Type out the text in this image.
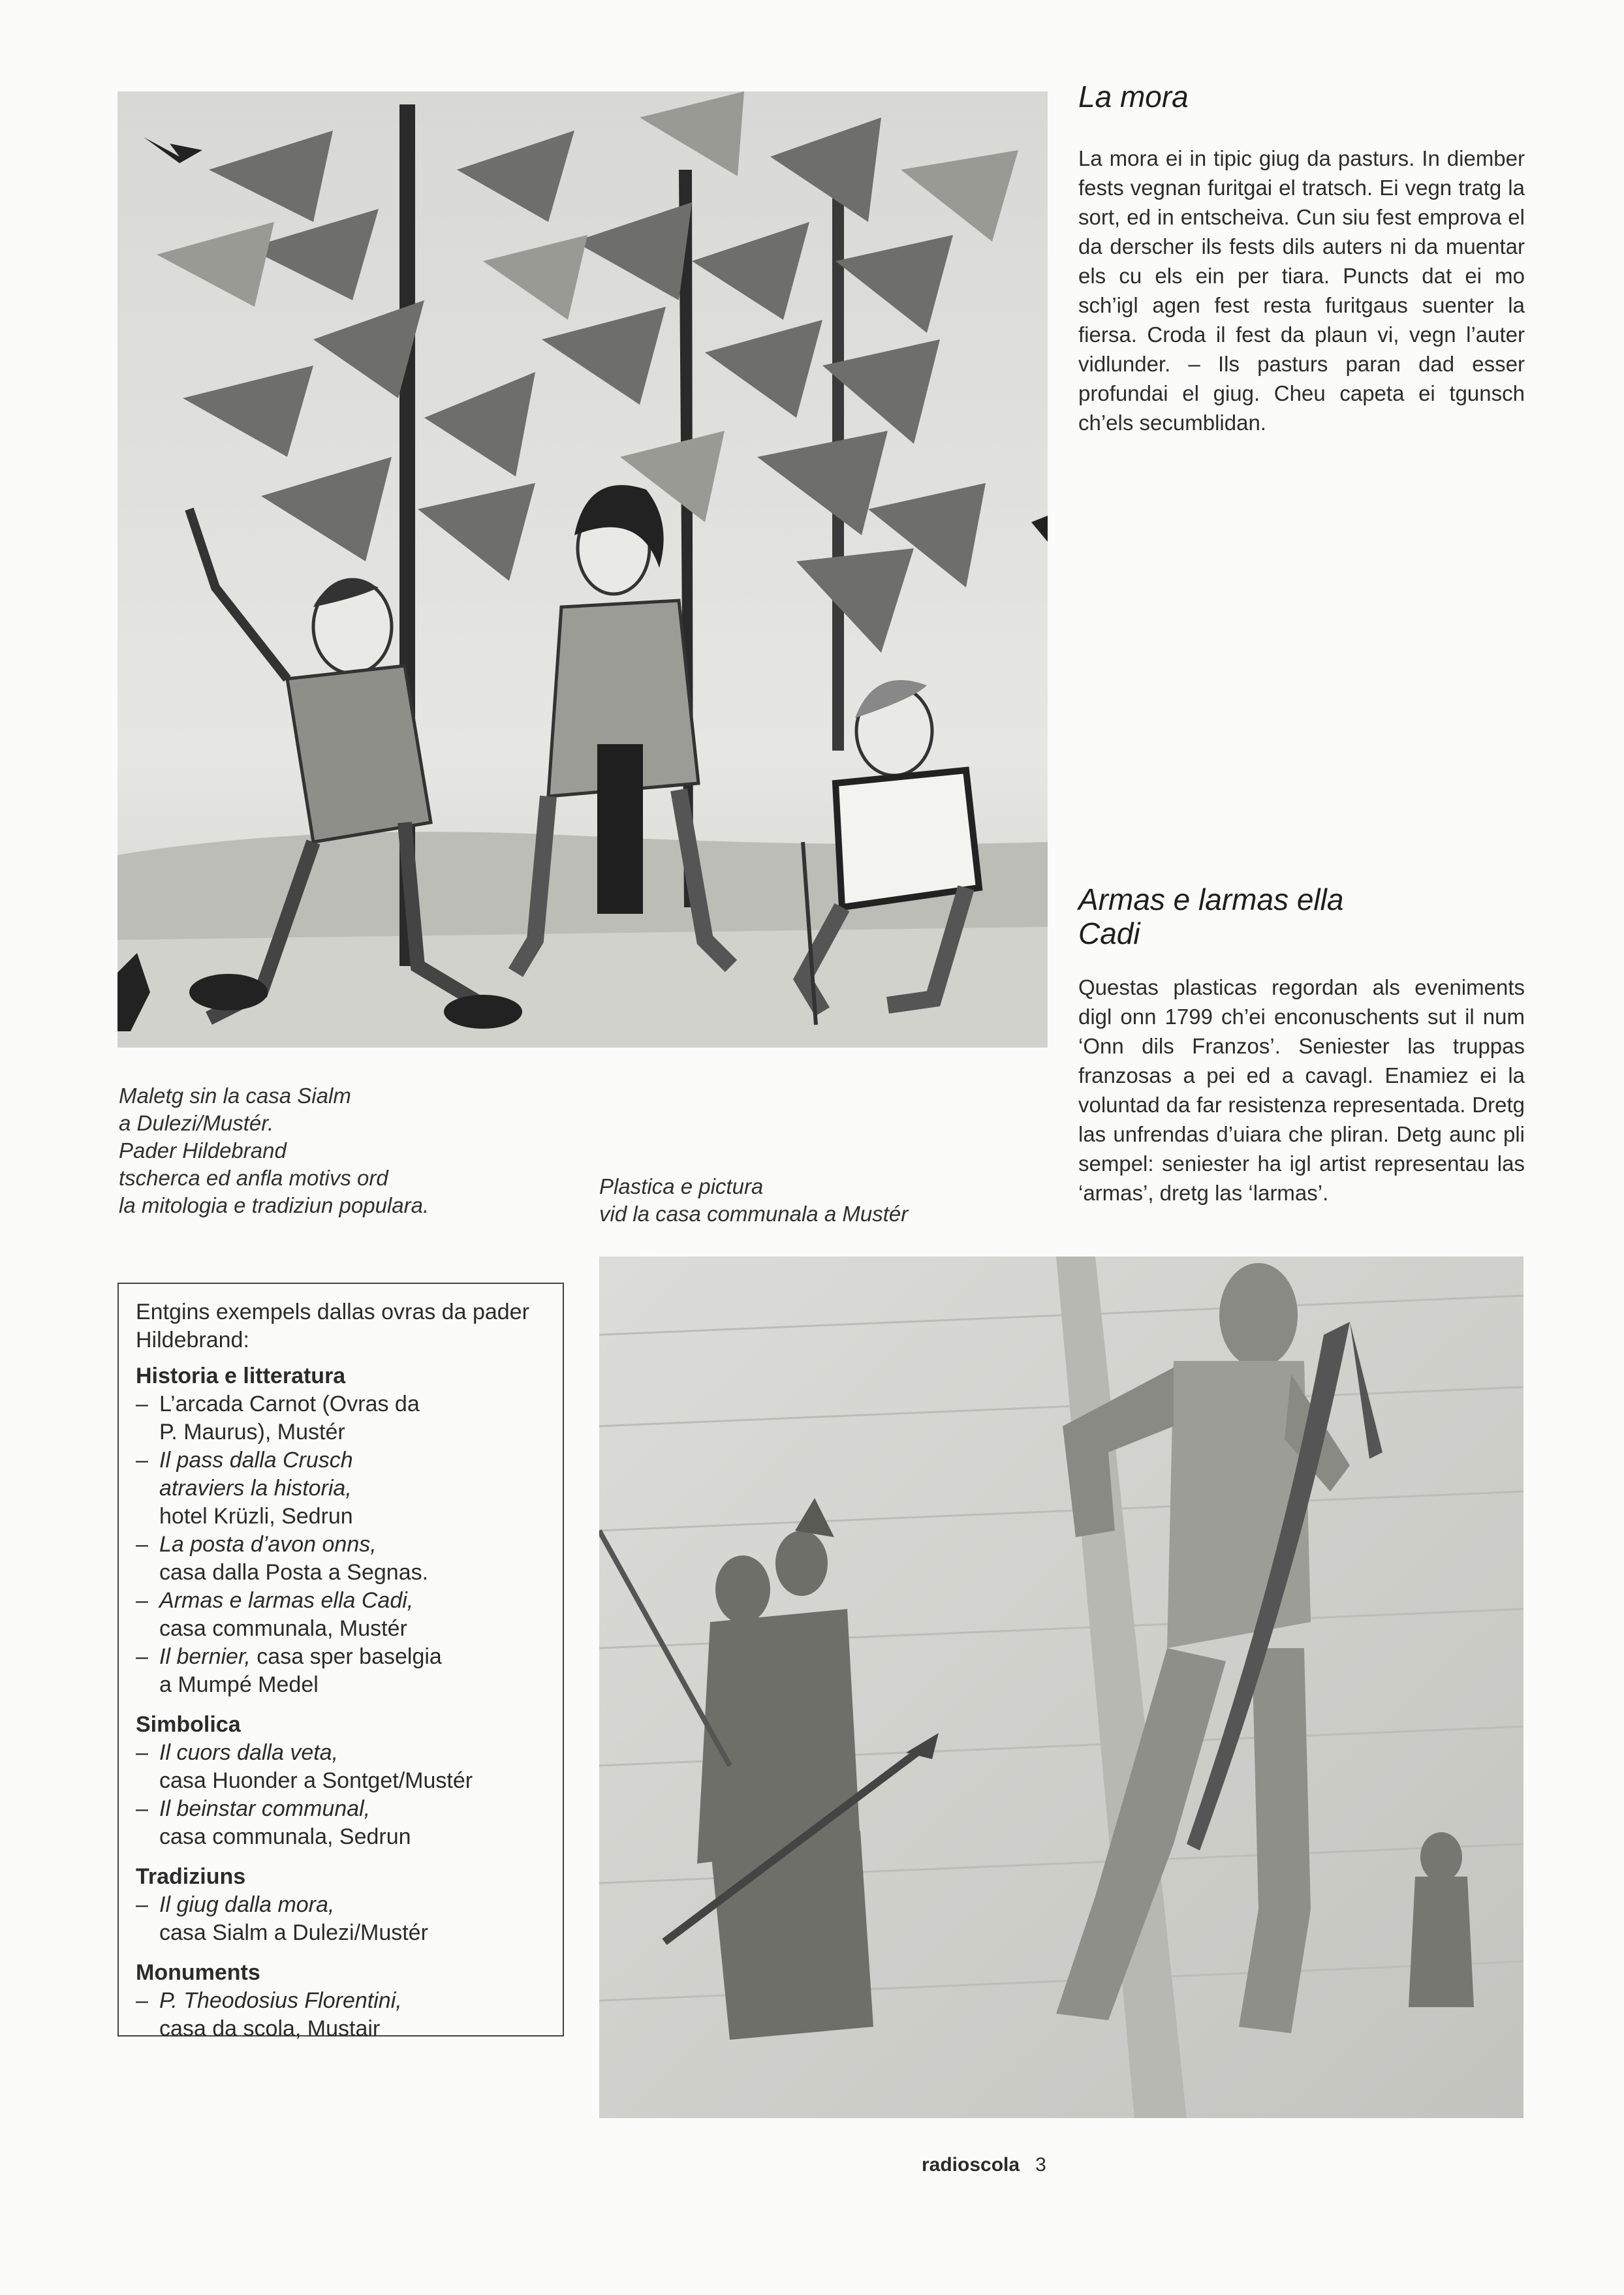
La mora

La mora ei in tipic giug da pasturs. In diember fests vegnan furitgai el tratsch. Ei vegn tratg la sort, ed in entscheiva. Cun siu fest emprova el da derscher ils fests dils auters ni da muentar els cu els ein per tiara. Puncts dat ei mo sch’igl agen fest resta furitgaus suenter la fiersa. Croda il fest da plaun vi, vegn l’auter vidlunder. – Ils pasturs paran dad esser profundai el giug. Cheu capeta ei tgunsch ch’els secumblidan.

Armas e larmas ella
Cadi

Questas plasticas regordan als eveniments digl onn 1799 ch’ei enconuschents sut il num ‘Onn dils Franzos’. Seniester las truppas franzosas a pei ed a cavagl. Enamiez ei la voluntad da far resistenza representada. Dretg las unfrendas d’uiara che pliran. Detg aunc pli sempel: seniester ha igl artist representau las ‘armas’, dretg las ‘larmas’.

Maletg sin la casa Sialm
a Dulezi/Mustér.
Pader Hildebrand
tscherca ed anfla motivs ord
la mitologia e tradiziun populara.
Plastica e pictura
vid la casa communala a Mustér
Entgins exempels dallas ovras da pader Hildebrand:
Historia e litteratura
– L’arcada Carnot (Ovras da
P. Maurus), Mustér
– Il pass dalla Crusch
atraviers la historia,
hotel Krüzli, Sedrun
– La posta d’avon onns,
casa dalla Posta a Segnas.
– Armas e larmas ella Cadi,
casa communala, Mustér
– Il bernier, casa sper baselgia
a Mumpé Medel
Simbolica
– Il cuors dalla veta,
casa Huonder a Sontget/Mustér
– Il beinstar communal,
casa communala, Sedrun
Tradiziuns
– Il giug dalla mora,
casa Sialm a Dulezi/Mustér
Monuments
– P. Theodosius Florentini,
casa da scola, Mustair
radioscola 3
